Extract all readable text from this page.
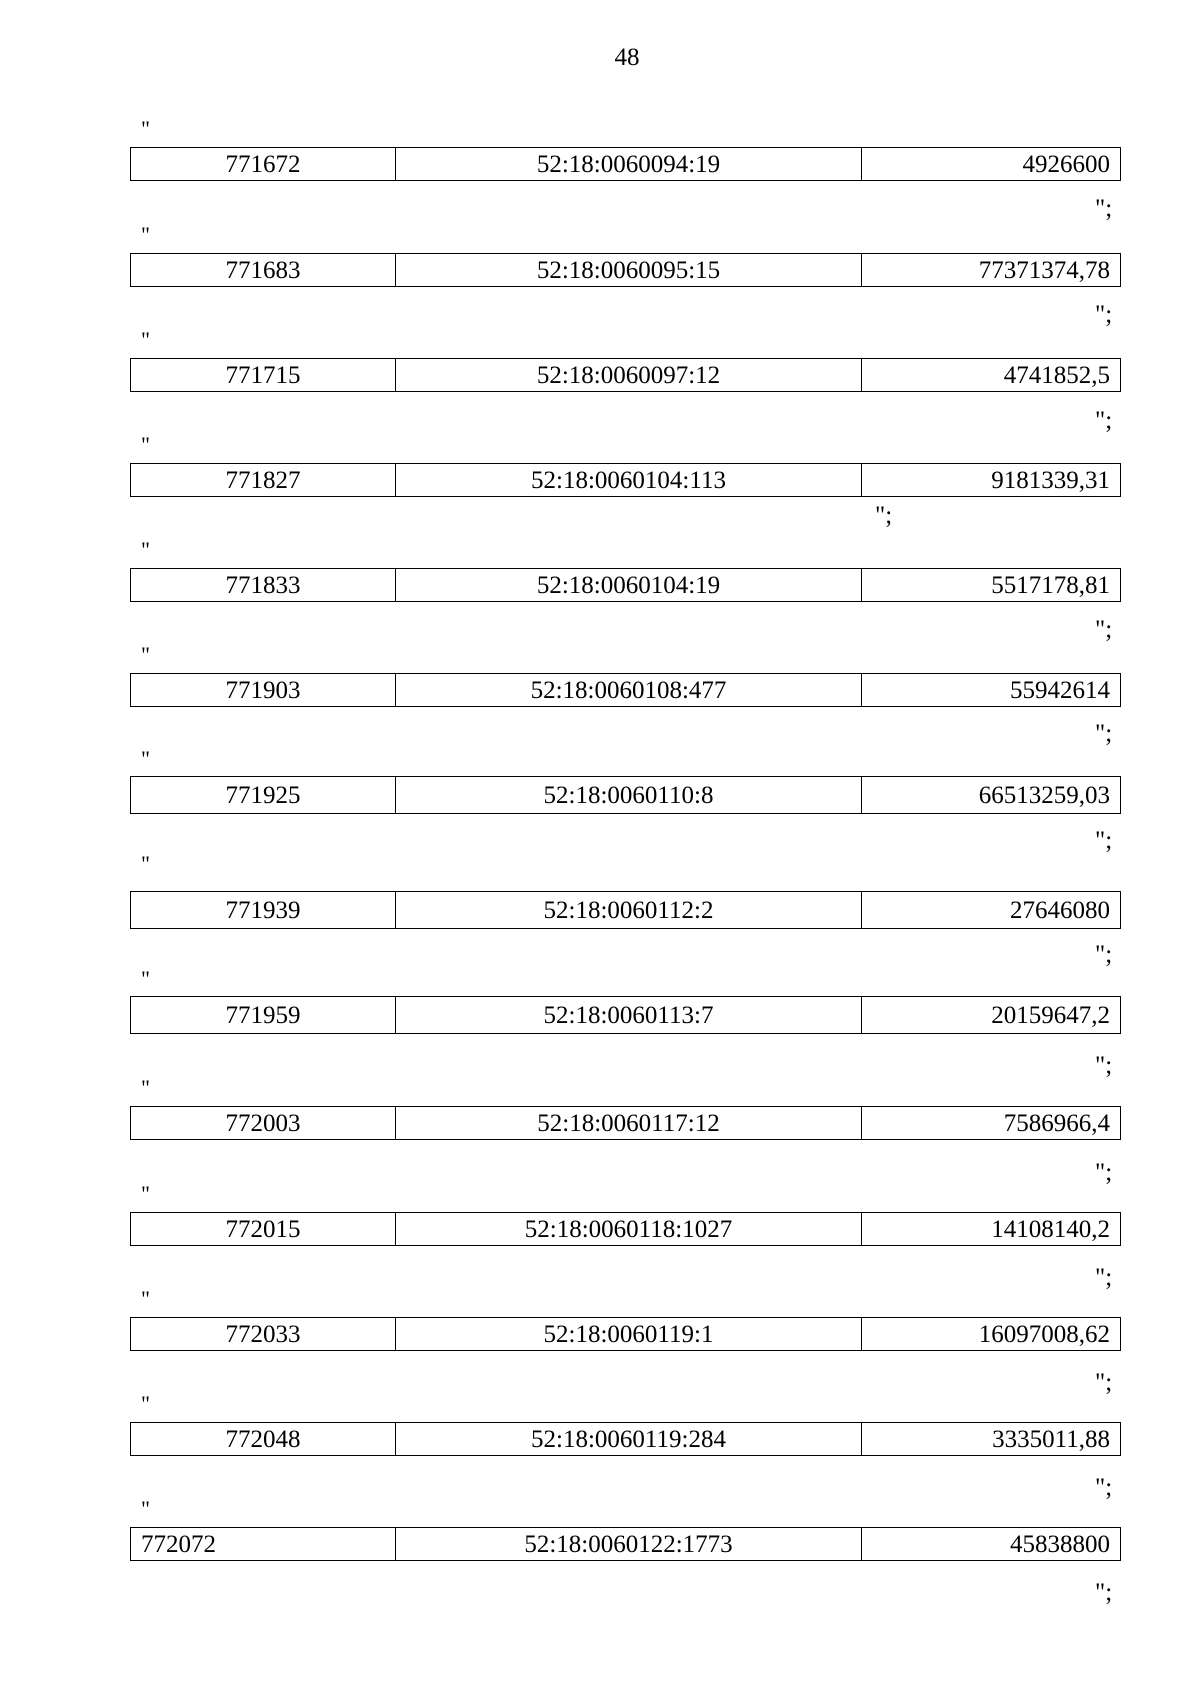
48
"
771672	52:18:0060094:19	4926600
";
"
771683	52:18:0060095:15	77371374,78
";
"
771715	52:18:0060097:12	4741852,5
";
"
771827	52:18:0060104:113	9181339,31
";
"
771833	52:18:0060104:19	5517178,81
";
"
771903	52:18:0060108:477	55942614
";
"
771925	52:18:0060110:8	66513259,03
";
"
771939	52:18:0060112:2	27646080
";
"
771959	52:18:0060113:7	20159647,2
";
"
772003	52:18:0060117:12	7586966,4
";
"
772015	52:18:0060118:1027	14108140,2
";
"
772033	52:18:0060119:1	16097008,62
";
"
772048	52:18:0060119:284	3335011,88
";
"
772072	52:18:0060122:1773	45838800
";
